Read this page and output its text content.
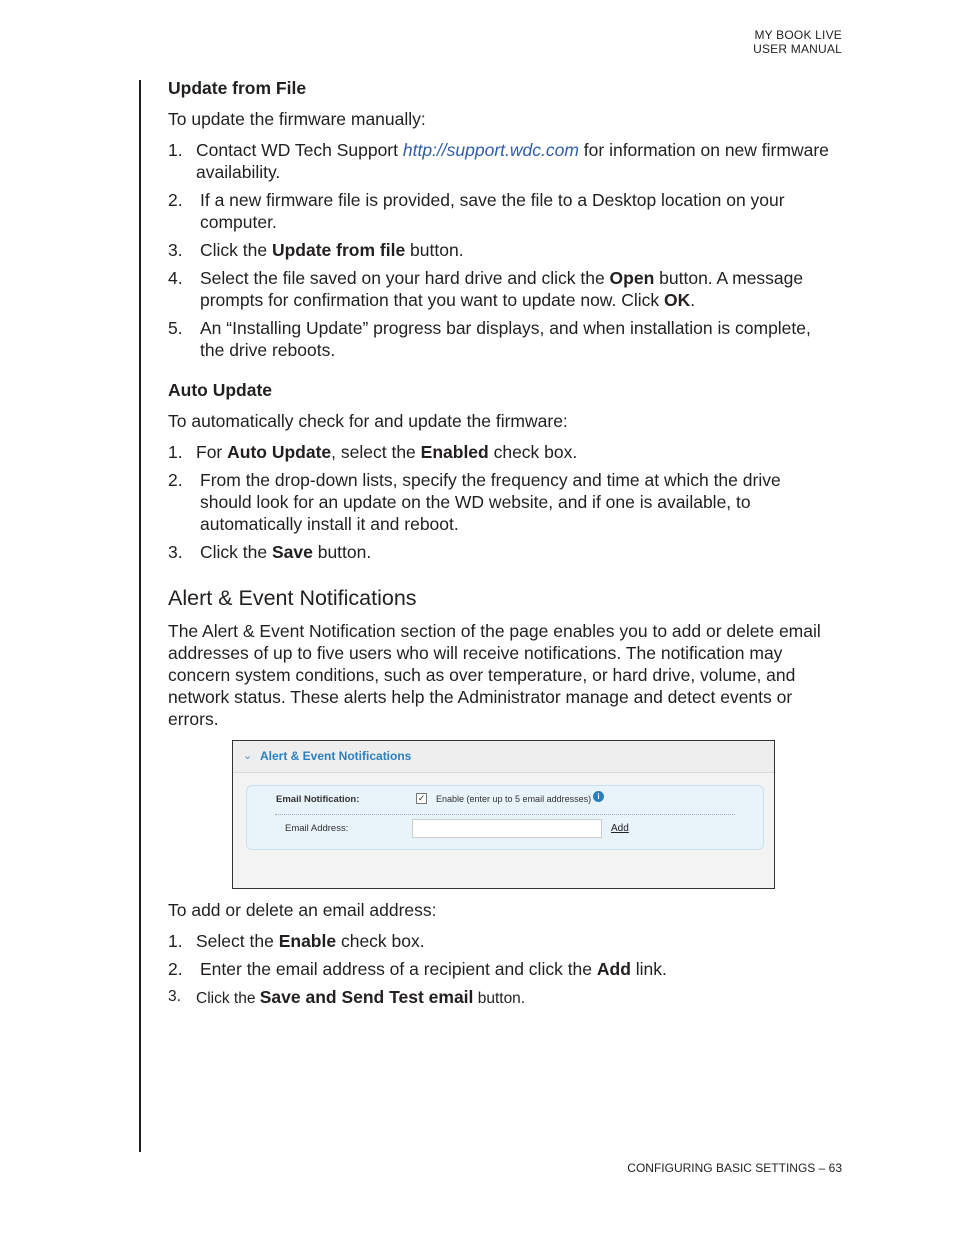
MY BOOK LIVE
USER MANUAL
Update from File

To update the firmware manually:

1. Contact WD Tech Support http://support.wdc.com for information on new firmware availability.
2. If a new firmware file is provided, save the file to a Desktop location on your computer.
3. Click the Update from file button.
4. Select the file saved on your hard drive and click the Open button. A message prompts for confirmation that you want to update now. Click OK.
5. An “Installing Update” progress bar displays, and when installation is complete, the drive reboots.
Auto Update

To automatically check for and update the firmware:

1. For Auto Update, select the Enabled check box.
2. From the drop-down lists, specify the frequency and time at which the drive should look for an update on the WD website, and if one is available, to automatically install it and reboot.
3. Click the Save button.
Alert & Event Notifications

The Alert & Event Notification section of the page enables you to add or delete email addresses of up to five users who will receive notifications. The notification may concern system conditions, such as over temperature, or hard drive, volume, and network status. These alerts help the Administrator manage and detect events or errors.

⌄ Alert & Event Notifications
Email Notification:	✓ Enable (enter up to 5 email addresses) i
Email Address:	Add

To add or delete an email address:

1. Select the Enable check box.
2. Enter the email address of a recipient and click the Add link.
3. Click the Save and Send Test email button.
CONFIGURING BASIC SETTINGS – 63
